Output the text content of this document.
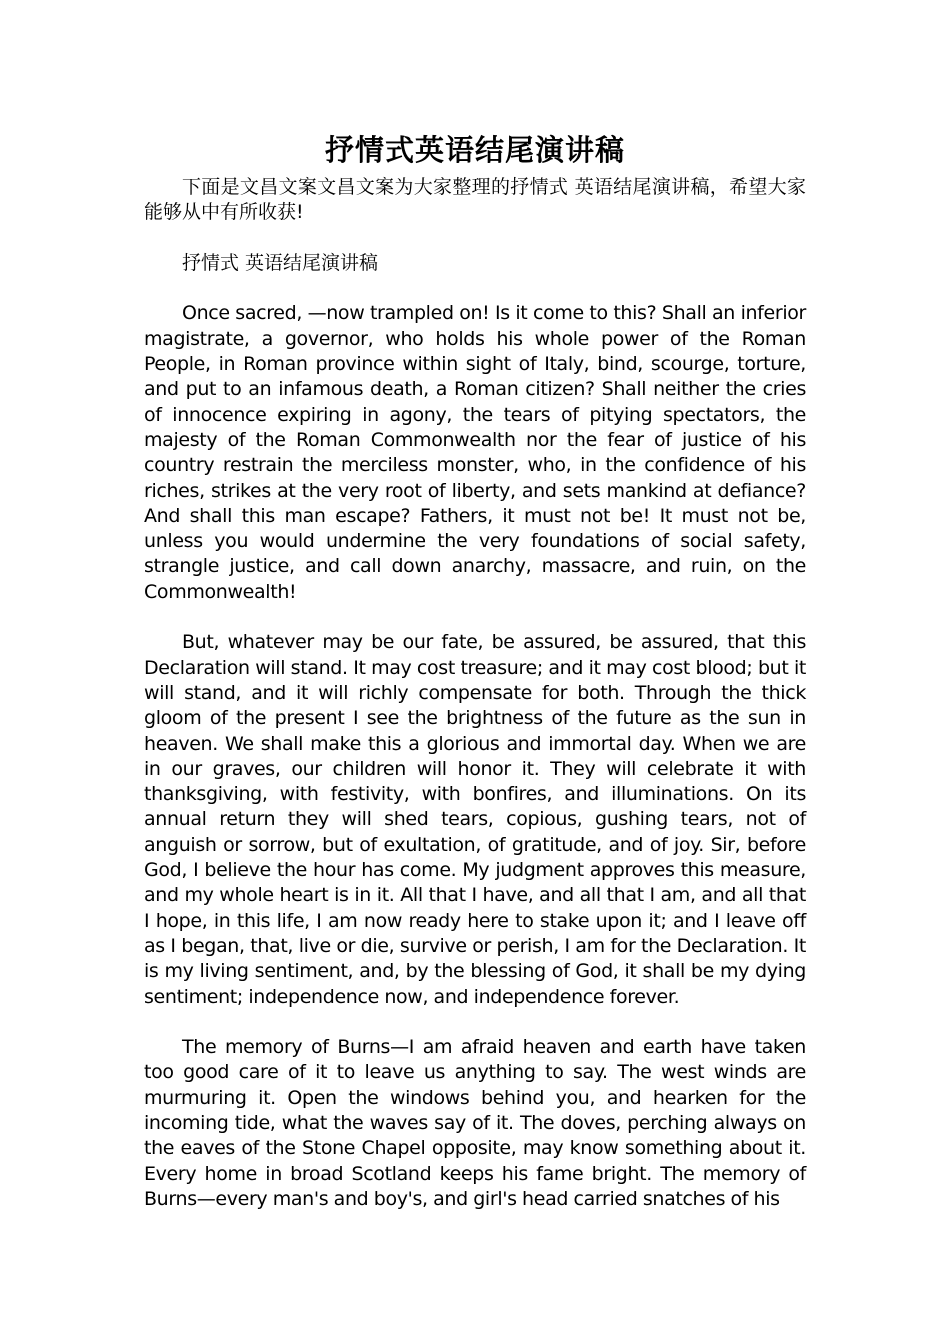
抒情式英语结尾演讲稿

下面是文昌文案文昌文案为大家整理的抒情式 英语结尾演讲稿，希望大家能够从中有所收获!

抒情式 英语结尾演讲稿

Once sacred, —now trampled on! Is it come to this? Shall an inferior magistrate, a governor, who holds his whole power of the Roman People, in Roman province within sight of Italy, bind, scourge, torture, and put to an infamous death, a Roman citizen? Shall neither the cries of innocence expiring in agony, the tears of pitying spectators, the majesty of the Roman Commonwealth nor the fear of justice of his country restrain the merciless monster, who, in the confidence of his riches, strikes at the very root of liberty, and sets mankind at defiance? And shall this man escape? Fathers, it must not be! It must not be, unless you would undermine the very foundations of social safety, strangle justice, and call down anarchy, massacre, and ruin, on the Commonwealth!

But, whatever may be our fate, be assured, be assured, that this Declaration will stand. It may cost treasure; and it may cost blood; but it will stand, and it will richly compensate for both. Through the thick gloom of the present I see the brightness of the future as the sun in heaven. We shall make this a glorious and immortal day. When we are in our graves, our children will honor it. They will celebrate it with thanksgiving, with festivity, with bonfires, and illuminations. On its annual return they will shed tears, copious, gushing tears, not of anguish or sorrow, but of exultation, of gratitude, and of joy. Sir, before God, I believe the hour has come. My judgment approves this measure, and my whole heart is in it. All that I have, and all that I am, and all that I hope, in this life, I am now ready here to stake upon it; and I leave off as I began, that, live or die, survive or perish, I am for the Declaration. It is my living sentiment, and, by the blessing of God, it shall be my dying sentiment; independence now, and independence forever.

The memory of Burns—I am afraid heaven and earth have taken too good care of it to leave us anything to say. The west winds are murmuring it. Open the windows behind you, and hearken for the incoming tide, what the waves say of it. The doves, perching always on the eaves of the Stone Chapel opposite, may know something about it. Every home in broad Scotland keeps his fame bright. The memory of Burns—every man's and boy's, and girl's head carried snatches of his
